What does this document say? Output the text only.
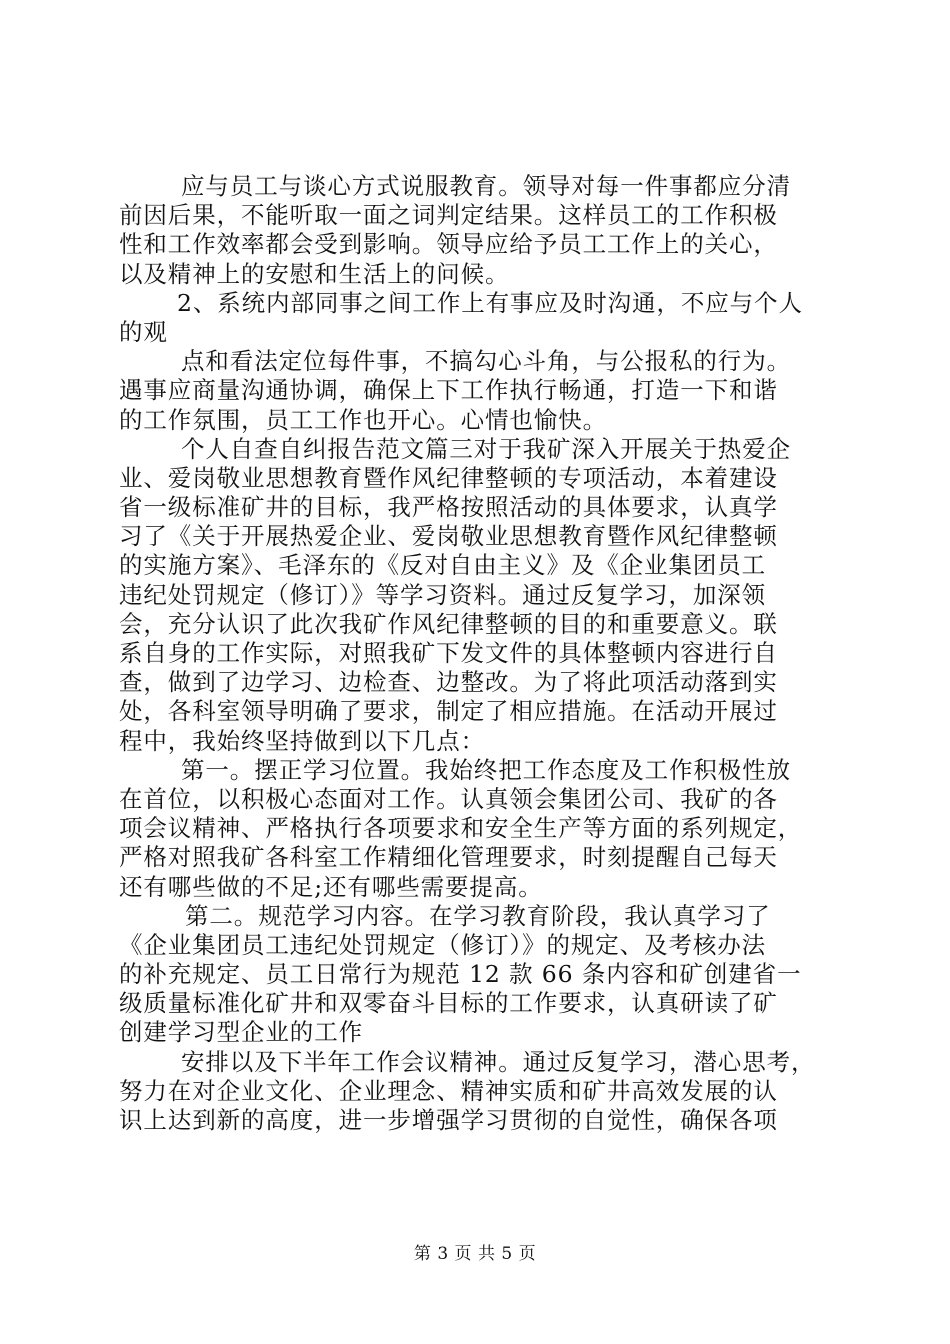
应与员工与谈心方式说服教育。领导对每一件事都应分清
前因后果，不能听取一面之词判定结果。这样员工的工作积极
性和工作效率都会受到影响。领导应给予员工工作上的关心，
以及精神上的安慰和生活上的问候。
2、系统内部同事之间工作上有事应及时沟通，不应与个人
的观
点和看法定位每件事，不搞勾心斗角，与公报私的行为。
遇事应商量沟通协调，确保上下工作执行畅通，打造一下和谐
的工作氛围，员工工作也开心。心情也愉快。
个人自查自纠报告范文篇三对于我矿深入开展关于热爱企
业、爱岗敬业思想教育暨作风纪律整顿的专项活动，本着建设
省一级标准矿井的目标，我严格按照活动的具体要求，认真学
习了《关于开展热爱企业、爱岗敬业思想教育暨作风纪律整顿
的实施方案》、毛泽东的《反对自由主义》及《企业集团员工
违纪处罚规定（修订）》等学习资料。通过反复学习，加深领
会，充分认识了此次我矿作风纪律整顿的目的和重要意义。联
系自身的工作实际，对照我矿下发文件的具体整顿内容进行自
查，做到了边学习、边检查、边整改。为了将此项活动落到实
处，各科室领导明确了要求，制定了相应措施。在活动开展过
程中，我始终坚持做到以下几点：
第一。摆正学习位置。我始终把工作态度及工作积极性放
在首位，以积极心态面对工作。认真领会集团公司、我矿的各
项会议精神、严格执行各项要求和安全生产等方面的系列规定，
严格对照我矿各科室工作精细化管理要求，时刻提醒自己每天
还有哪些做的不足;还有哪些需要提高。
第二。规范学习内容。在学习教育阶段，我认真学习了
《企业集团员工违纪处罚规定（修订）》的规定、及考核办法
的补充规定、员工日常行为规范 12 款 66 条内容和矿创建省一
级质量标准化矿井和双零奋斗目标的工作要求，认真研读了矿
创建学习型企业的工作
安排以及下半年工作会议精神。通过反复学习，潜心思考，
努力在对企业文化、企业理念、精神实质和矿井高效发展的认
识上达到新的高度，进一步增强学习贯彻的自觉性，确保各项
第 3 页 共 5 页
